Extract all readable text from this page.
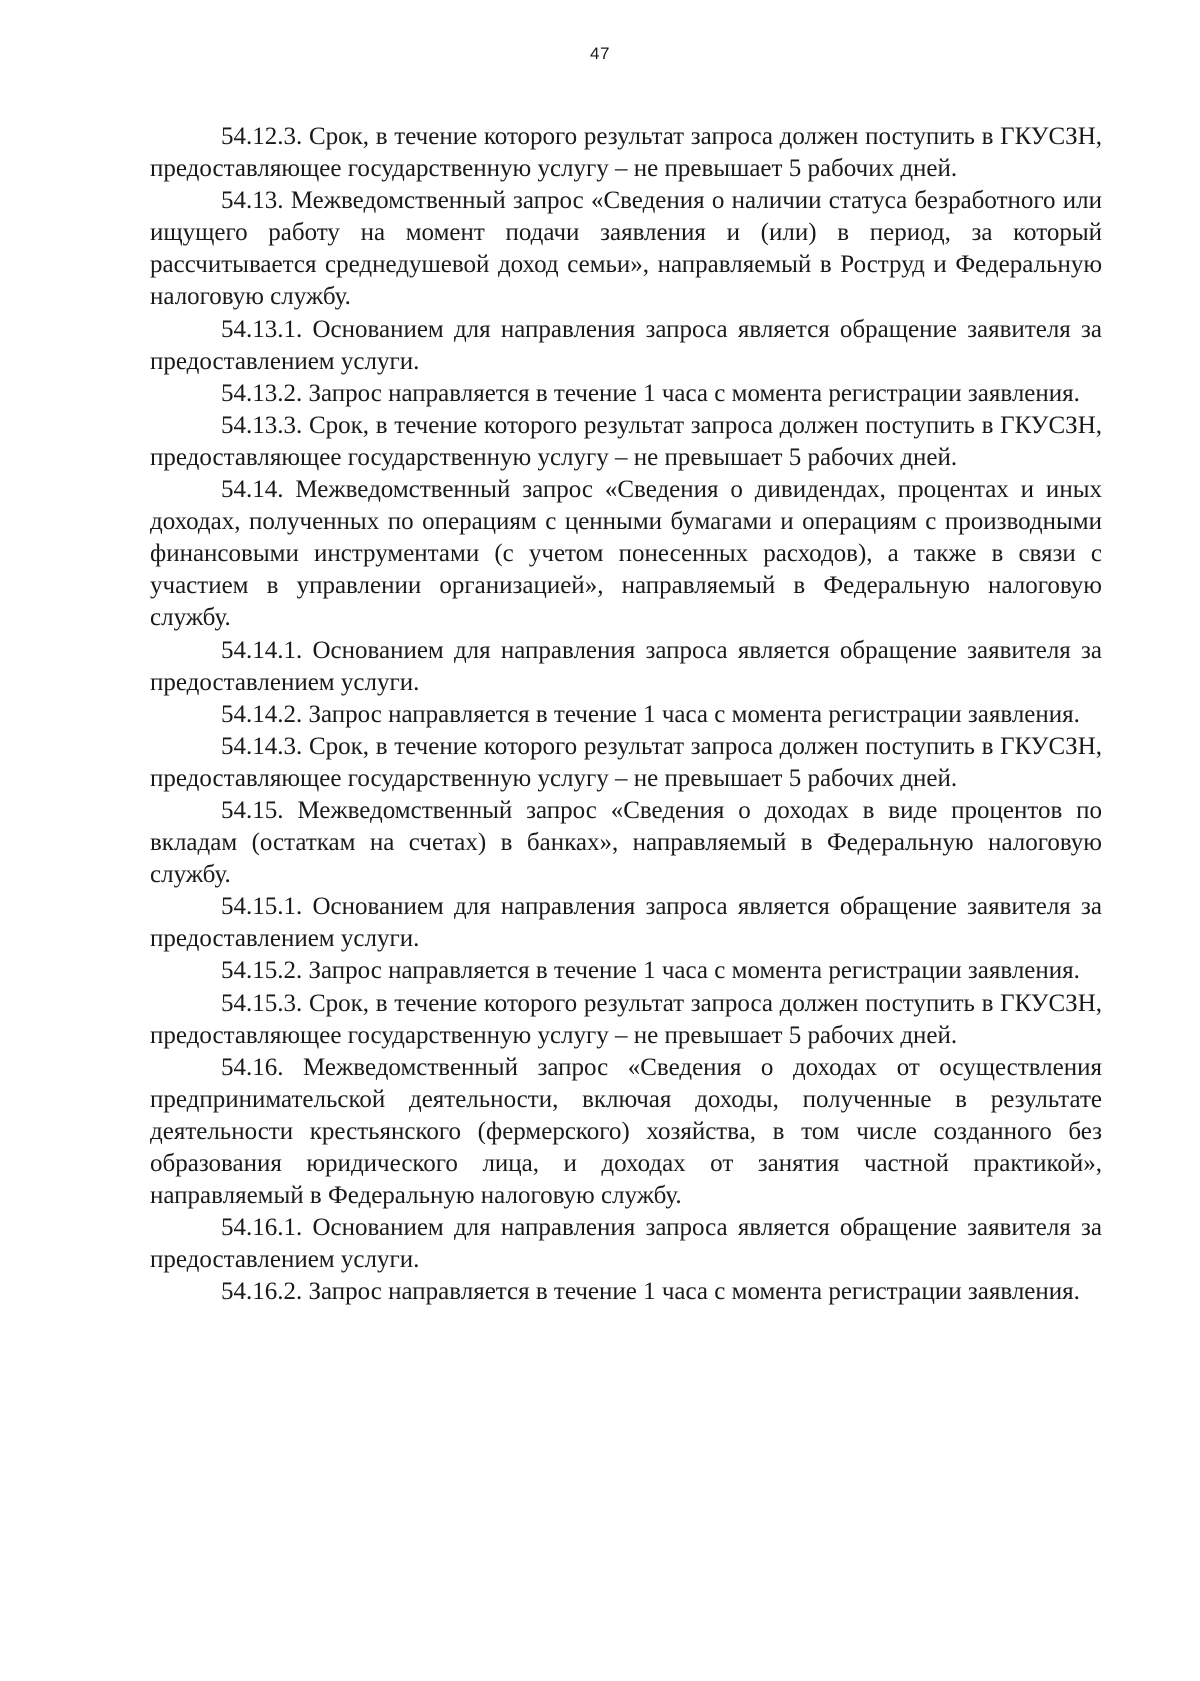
47

54.12.3. Срок, в течение которого результат запроса должен поступить в ГКУСЗН, предоставляющее государственную услугу – не превышает 5 рабочих дней.

54.13. Межведомственный запрос «Сведения о наличии статуса безработного или ищущего работу на момент подачи заявления и (или) в период, за который рассчитывается среднедушевой доход семьи», направляемый в Роструд и Федеральную налоговую службу.

54.13.1. Основанием для направления запроса является обращение заявителя за предоставлением услуги.

54.13.2. Запрос направляется в течение 1 часа с момента регистрации заявления.

54.13.3. Срок, в течение которого результат запроса должен поступить в ГКУСЗН, предоставляющее государственную услугу – не превышает 5 рабочих дней.

54.14. Межведомственный запрос «Сведения о дивидендах, процентах и иных доходах, полученных по операциям с ценными бумагами и операциям с производными финансовыми инструментами (с учетом понесенных расходов), а также в связи с участием в управлении организацией», направляемый в Федеральную налоговую службу.

54.14.1. Основанием для направления запроса является обращение заявителя за предоставлением услуги.

54.14.2. Запрос направляется в течение 1 часа с момента регистрации заявления.

54.14.3. Срок, в течение которого результат запроса должен поступить в ГКУСЗН, предоставляющее государственную услугу – не превышает 5 рабочих дней.

54.15. Межведомственный запрос «Сведения о доходах в виде процентов по вкладам (остаткам на счетах) в банках», направляемый в Федеральную налоговую службу.

54.15.1. Основанием для направления запроса является обращение заявителя за предоставлением услуги.

54.15.2. Запрос направляется в течение 1 часа с момента регистрации заявления.

54.15.3. Срок, в течение которого результат запроса должен поступить в ГКУСЗН, предоставляющее государственную услугу – не превышает 5 рабочих дней.

54.16. Межведомственный запрос «Сведения о доходах от осуществления предпринимательской деятельности, включая доходы, полученные в результате деятельности крестьянского (фермерского) хозяйства, в том числе созданного без образования юридического лица, и доходах от занятия частной практикой», направляемый в Федеральную налоговую службу.

54.16.1. Основанием для направления запроса является обращение заявителя за предоставлением услуги.

54.16.2. Запрос направляется в течение 1 часа с момента регистрации заявления.
